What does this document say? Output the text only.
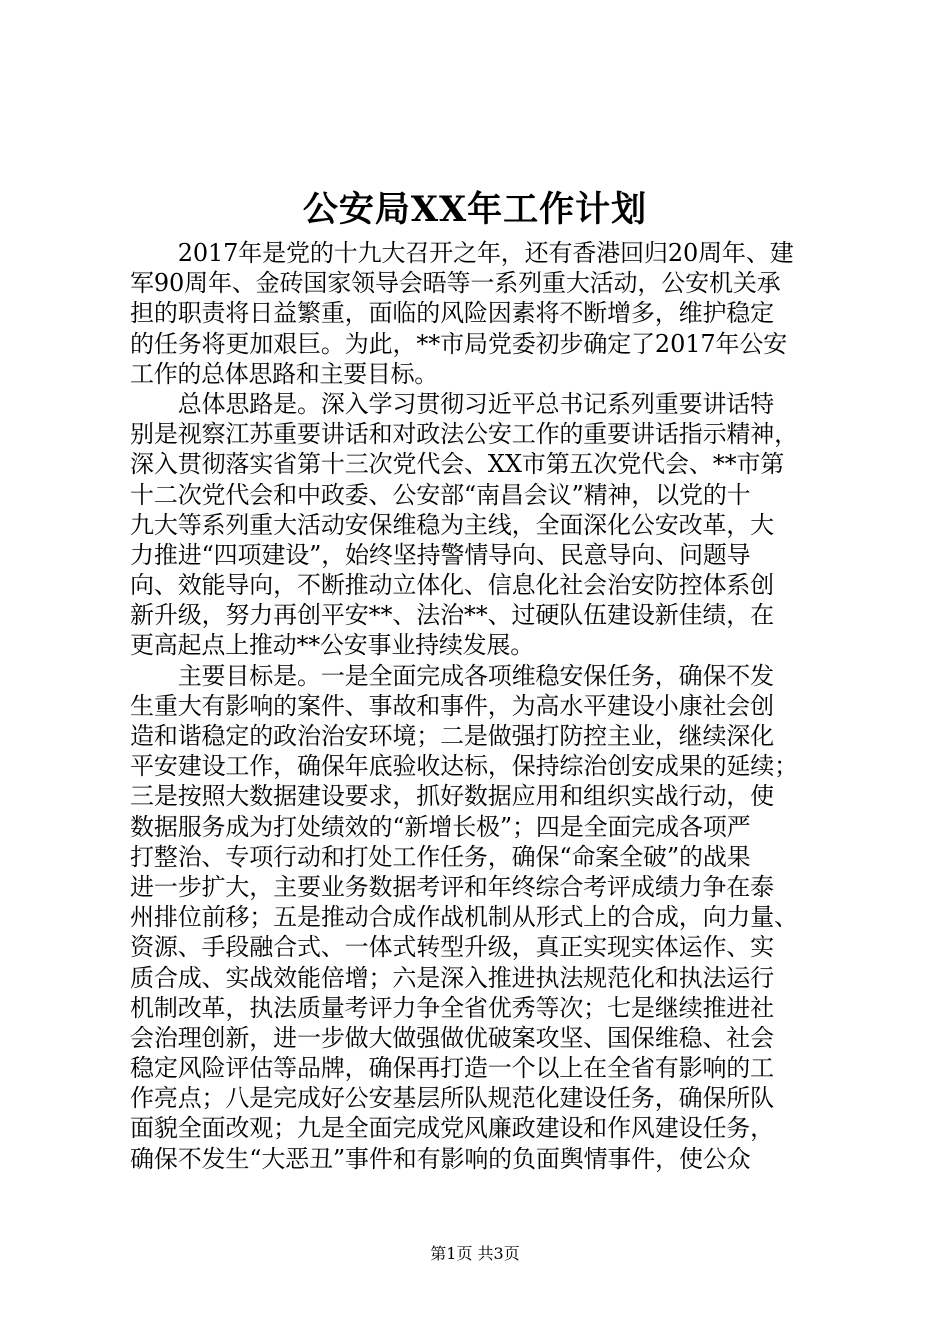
公安局XX年工作计划
　　2017年是党的十九大召开之年，还有香港回归20周年、建
军90周年、金砖国家领导会晤等一系列重大活动，公安机关承
担的职责将日益繁重，面临的风险因素将不断增多，维护稳定
的任务将更加艰巨。为此，**市局党委初步确定了2017年公安
工作的总体思路和主要目标。
　　总体思路是。深入学习贯彻习近平总书记系列重要讲话特
别是视察江苏重要讲话和对政法公安工作的重要讲话指示精神，
深入贯彻落实省第十三次党代会、XX市第五次党代会、**市第
十二次党代会和中政委、公安部“南昌会议”精神，以党的十
九大等系列重大活动安保维稳为主线，全面深化公安改革，大
力推进“四项建设”，始终坚持警情导向、民意导向、问题导
向、效能导向，不断推动立体化、信息化社会治安防控体系创
新升级，努力再创平安**、法治**、过硬队伍建设新佳绩，在
更高起点上推动**公安事业持续发展。
　　主要目标是。一是全面完成各项维稳安保任务，确保不发
生重大有影响的案件、事故和事件，为高水平建设小康社会创
造和谐稳定的政治治安环境；二是做强打防控主业，继续深化
平安建设工作，确保年底验收达标，保持综治创安成果的延续；
三是按照大数据建设要求，抓好数据应用和组织实战行动，使
数据服务成为打处绩效的“新增长极”；四是全面完成各项严
打整治、专项行动和打处工作任务，确保“命案全破”的战果
进一步扩大，主要业务数据考评和年终综合考评成绩力争在泰
州排位前移；五是推动合成作战机制从形式上的合成，向力量、
资源、手段融合式、一体式转型升级，真正实现实体运作、实
质合成、实战效能倍增；六是深入推进执法规范化和执法运行
机制改革，执法质量考评力争全省优秀等次；七是继续推进社
会治理创新，进一步做大做强做优破案攻坚、国保维稳、社会
稳定风险评估等品牌，确保再打造一个以上在全省有影响的工
作亮点；八是完成好公安基层所队规范化建设任务，确保所队
面貌全面改观；九是全面完成党风廉政建设和作风建设任务，
确保不发生“大恶丑”事件和有影响的负面舆情事件，使公众
第1页 共3页
